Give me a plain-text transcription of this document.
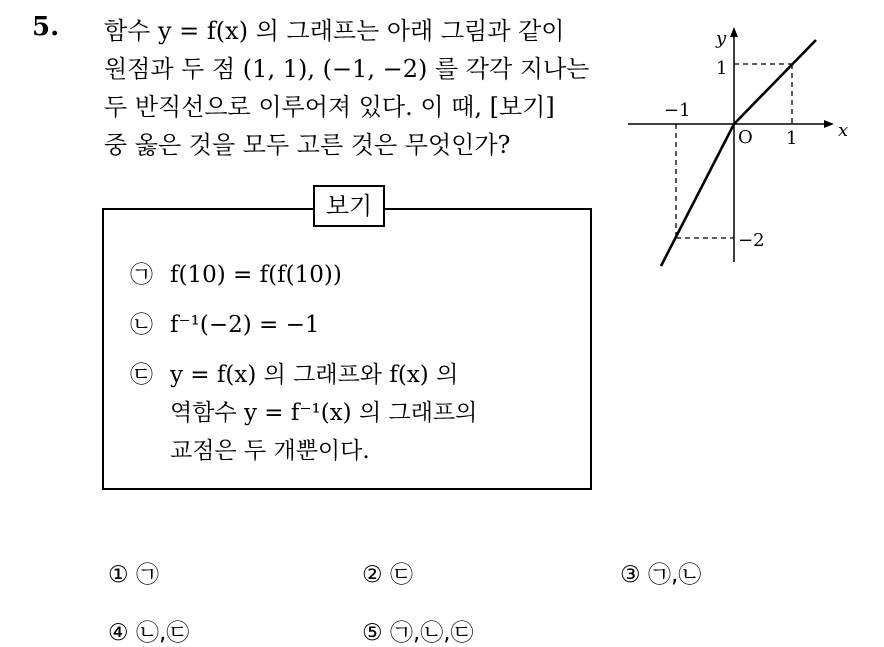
5. 함수 y = f(x) 의 그래프는 아래 그림과 같이
원점과 두 점 (1, 1), (−1, −2) 를 각각 지나는
두 반직선으로 이루어져 있다. 이 때, [보기]
중 옳은 것을 모두 고른 것은 무엇인가?
y
x
O 1
−1
1
−2
보기
㉠ f(10) = f(f(10))
㉡ f⁻¹(−2) = −1
㉢ y = f(x) 의 그래프와 f(x) 의
역함수 y = f⁻¹(x) 의 그래프의
교점은 두 개뿐이다.
① ㉠	② ㉢	③ ㉠,㉡
④ ㉡,㉢	⑤ ㉠,㉡,㉢
